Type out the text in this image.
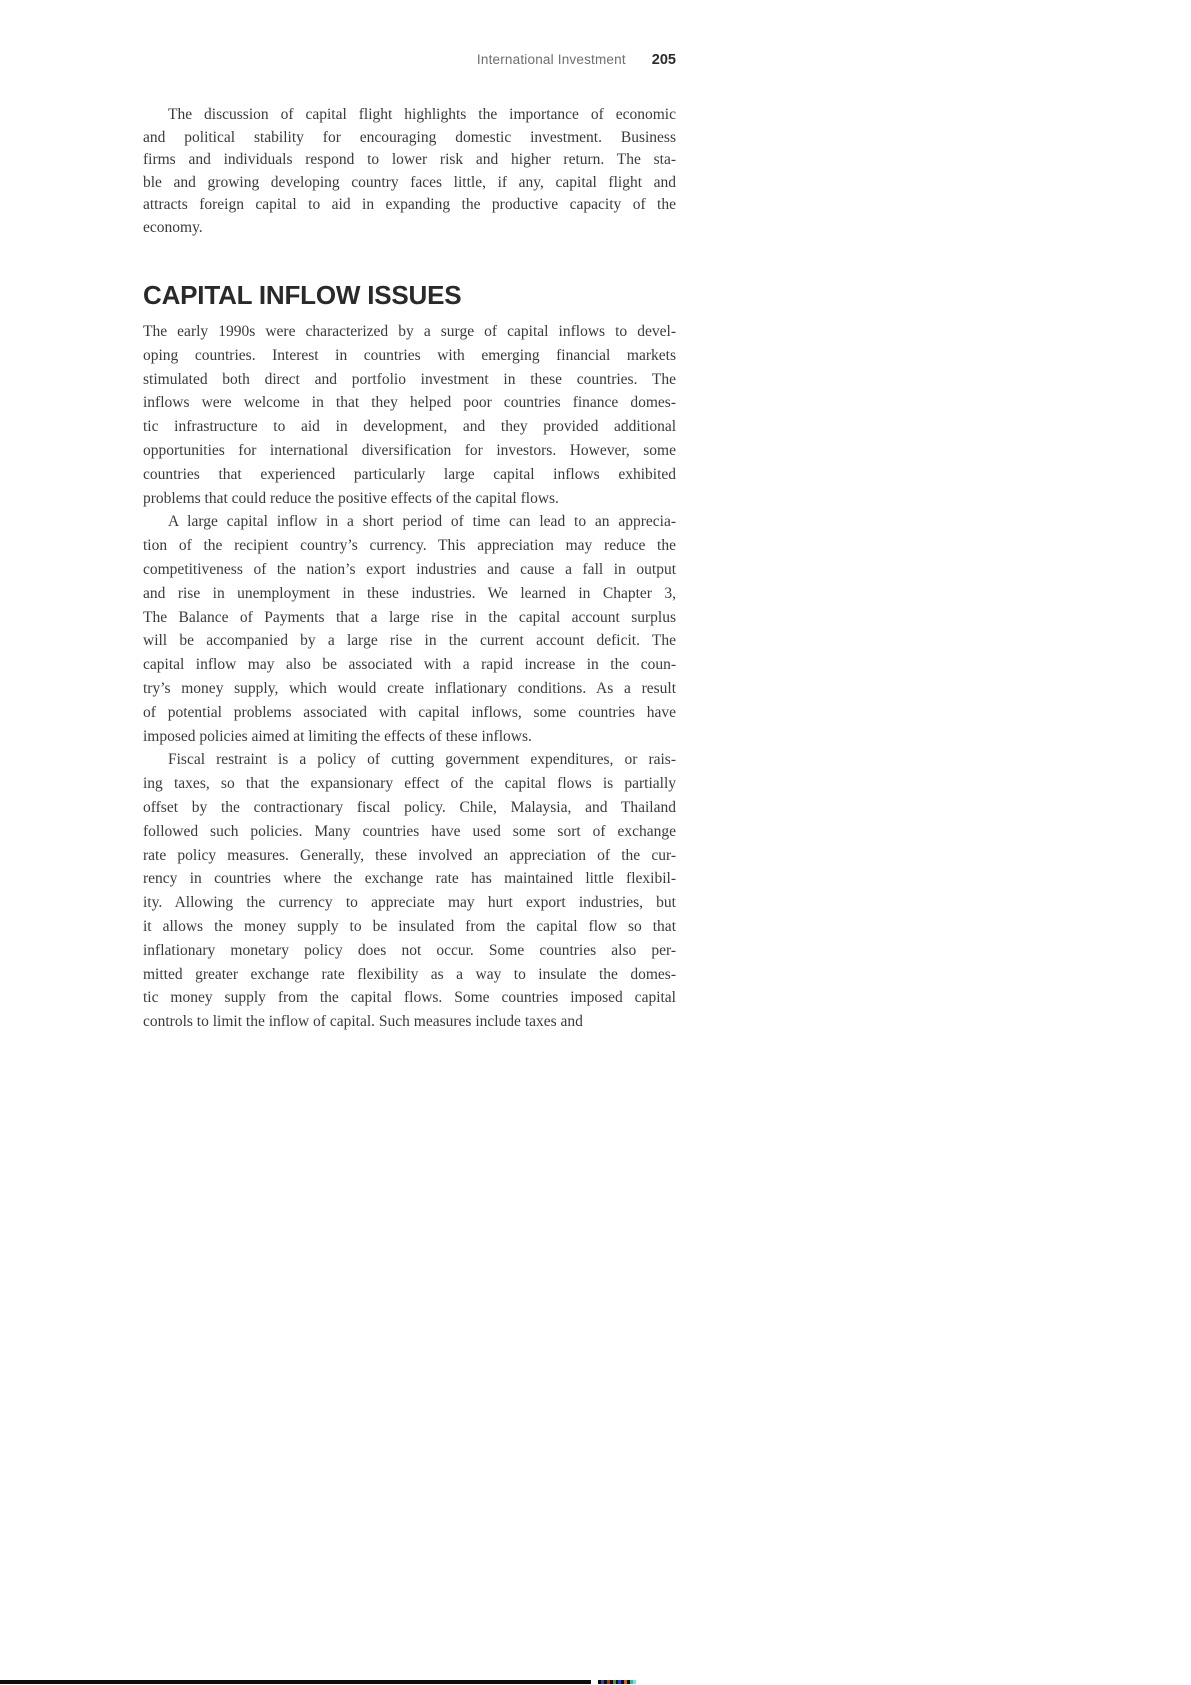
International Investment 205
The discussion of capital flight highlights the importance of economic
and political stability for encouraging domestic investment. Business
firms and individuals respond to lower risk and higher return. The sta-
ble and growing developing country faces little, if any, capital flight and
attracts foreign capital to aid in expanding the productive capacity of the
economy.
CAPITAL INFLOW ISSUES
The early 1990s were characterized by a surge of capital inflows to devel-
oping countries. Interest in countries with emerging financial markets
stimulated both direct and portfolio investment in these countries. The
inflows were welcome in that they helped poor countries finance domes-
tic infrastructure to aid in development, and they provided additional
opportunities for international diversification for investors. However, some
countries that experienced particularly large capital inflows exhibited
problems that could reduce the positive effects of the capital flows.
A large capital inflow in a short period of time can lead to an apprecia-
tion of the recipient country’s currency. This appreciation may reduce the
competitiveness of the nation’s export industries and cause a fall in output
and rise in unemployment in these industries. We learned in Chapter 3,
The Balance of Payments that a large rise in the capital account surplus
will be accompanied by a large rise in the current account deficit. The
capital inflow may also be associated with a rapid increase in the coun-
try’s money supply, which would create inflationary conditions. As a result
of potential problems associated with capital inflows, some countries have
imposed policies aimed at limiting the effects of these inflows.
Fiscal restraint is a policy of cutting government expenditures, or rais-
ing taxes, so that the expansionary effect of the capital flows is partially
offset by the contractionary fiscal policy. Chile, Malaysia, and Thailand
followed such policies. Many countries have used some sort of exchange
rate policy measures. Generally, these involved an appreciation of the cur-
rency in countries where the exchange rate has maintained little flexibil-
ity. Allowing the currency to appreciate may hurt export industries, but
it allows the money supply to be insulated from the capital flow so that
inflationary monetary policy does not occur. Some countries also per-
mitted greater exchange rate flexibility as a way to insulate the domes-
tic money supply from the capital flows. Some countries imposed capital
controls to limit the inflow of capital. Such measures include taxes and
